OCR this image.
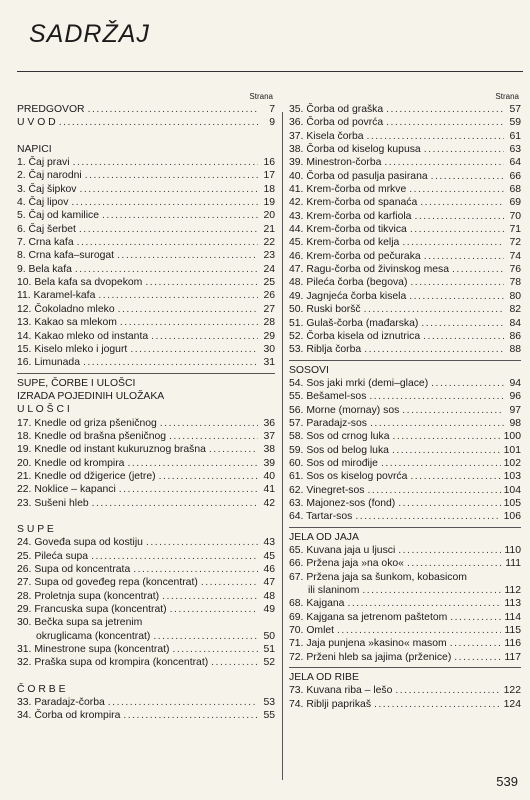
SADRŽAJ
Strana
PREDGOVOR .....	7
U V O D .....	9
NAPICI
1. Čaj pravi .....	16
2. Čaj narodni .....	17
3. Čaj šipkov .....	18
4. Čaj lipov .....	19
5. Čaj od kamilice .....	20
6. Čaj šerbet .....	21
7. Crna kafa .....	22
8. Crna kafa–surogat .....	23
9. Bela kafa .....	24
10. Bela kafa sa dvopekom .....	25
11. Karamel-kafa .....	26
12. Čokoladno mleko .....	27
13. Kakao sa mlekom .....	28
14. Kakao mleko od instanta .....	29
15. Kiselo mleko i jogurt .....	30
16. Limunada .....	31
SUPE, ČORBE I ULOŠCI
IZRADA POJEDINIH ULOŽAKA
U L O Š C I
17. Knedle od griza pšeničnog .....	36
18. Knedle od brašna pšeničnog .....	37
19. Knedle od instant kukuruznog brašna .....	38
20. Knedle od krompira .....	39
21. Knedle od džigerice (jetre) .....	40
22. Noklice – kapanci .....	41
23. Sušeni hleb .....	42
S U P E
24. Goveđa supa od kostiju .....	43
25. Pileća supa .....	45
26. Supa od koncentrata .....	46
27. Supa od govеđeg repa (koncentrat) .....	47
28. Proletnja supa (koncentrat) .....	48
29. Francuska supa (koncentrat) .....	49
30. Bečka supa sa jetrenim
okruglicama (koncentrat) .....	50
31. Minestrone supa (koncentrat) .....	51
32. Praška supa od krompira (koncentrat) .....	52
Č O R B E
33. Paradajz-čorba .....	53
34. Čorba od krompira .....	55
Strana
35. Čorba od graška .....	57
36. Čorba od povrća .....	59
37. Kisela čorba .....	61
38. Čorba od kiselog kupusa .....	63
39. Minestron-čorba .....	64
40. Čorba od pasulja pasirana .....	66
41. Krem-čorba od mrkve .....	68
42. Krem-čorba od spanaća .....	69
43. Krem-čorba od karfiola .....	70
44. Krem-čorba od tikvica .....	71
45. Krem-čorba od kelja .....	72
46. Krem-čorba od pečuraka .....	74
47. Ragu-čorba od živinskog mesa .....	76
48. Pileća čorba (begova) .....	78
49. Jagnjeća čorba kisela .....	80
50. Ruski boršč .....	82
51. Gulaš-čorba (mađarska) .....	84
52. Čorba kisela od iznutrica .....	86
53. Riblja čorba .....	88
SOSOVI
54. Sos jaki mrki (demi–glace) .....	94
55. Bešamel-sos .....	96
56. Morne (mornay) sos .....	97
57. Paradajz-sos .....	98
58. Sos od crnog luka .....	100
59. Sos od belog luka .....	101
60. Sos od mirođije .....	102
61. Sos os kiselog povrća .....	103
62. Vinegret-sos .....	104
63. Majonez-sos (fond) .....	105
64. Tartar-sos .....	106
JELA OD JAJA
65. Kuvana jaja u ljusci .....	110
66. Pržena jaja »na oko« .....	111
67. Pržena jaja sa šunkom, kobasicom
ili slaninom .....	112
68. Kajgana .....	113
69. Kajgana sa jetrenom paštetom .....	114
70. Omlet .....	115
71. Jaja punjena »kasino« masom .....	116
72. Prženi hleb sa jajima (prženice) .....	117
JELA OD RIBE
73. Kuvana riba – lešo .....	122
74. Riblji paprikaš .....	124
539
